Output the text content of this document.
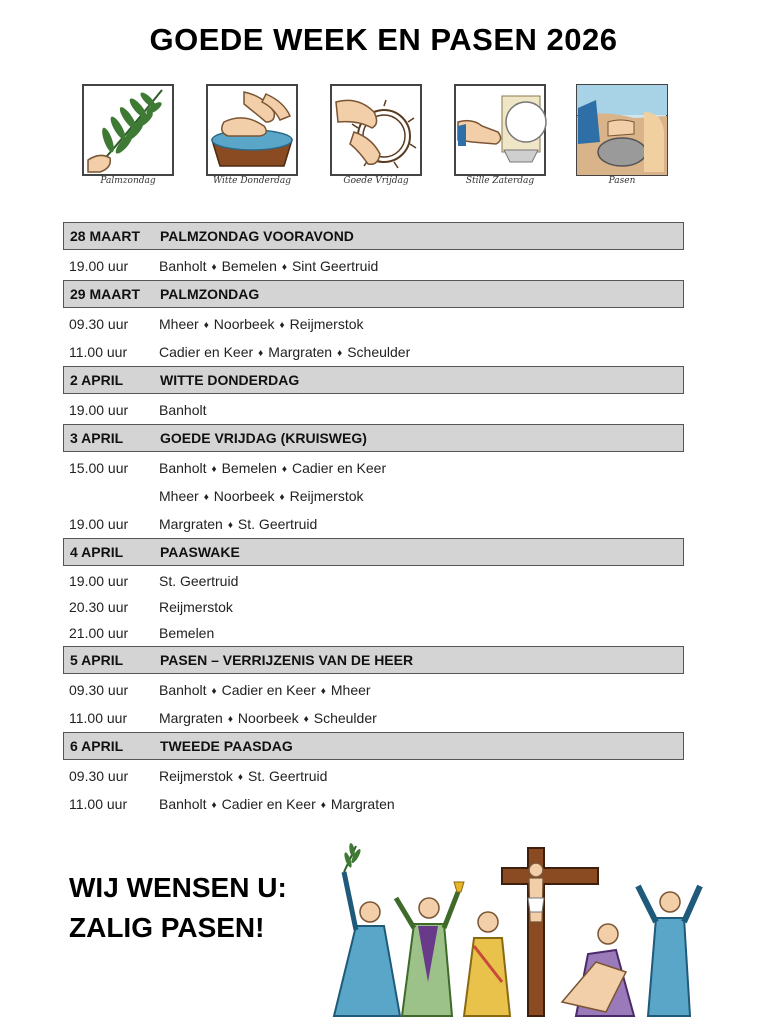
GOEDE WEEK EN PASEN 2026
Palmzondag	Witte Donderdag	Goede Vrijdag	Stille Zaterdag	Pasen
28 MAART	PALMZONDAG VOORAVOND
19.00 uur	Banholt ♦ Bemelen ♦ Sint Geertruid
29 MAART	PALMZONDAG
09.30 uur	Mheer ♦ Noorbeek ♦ Reijmerstok
11.00 uur	Cadier en Keer ♦ Margraten ♦ Scheulder
2 APRIL	WITTE DONDERDAG
19.00 uur	Banholt
3 APRIL	GOEDE VRIJDAG (KRUISWEG)
15.00 uur	Banholt ♦ Bemelen ♦ Cadier en Keer
Mheer ♦ Noorbeek ♦ Reijmerstok
19.00 uur	Margraten ♦ St. Geertruid
4 APRIL	PAASWAKE
19.00 uur	St. Geertruid
20.30 uur	Reijmerstok
21.00 uur	Bemelen
5 APRIL	PASEN – VERRIJZENIS VAN DE HEER
09.30 uur	Banholt ♦ Cadier en Keer ♦ Mheer
11.00 uur	Margraten ♦ Noorbeek ♦ Scheulder
6 APRIL	TWEEDE PAASDAG
09.30 uur	Reijmerstok ♦ St. Geertruid
11.00 uur	Banholt ♦ Cadier en Keer ♦ Margraten
WIJ WENSEN U:
ZALIG PASEN!
